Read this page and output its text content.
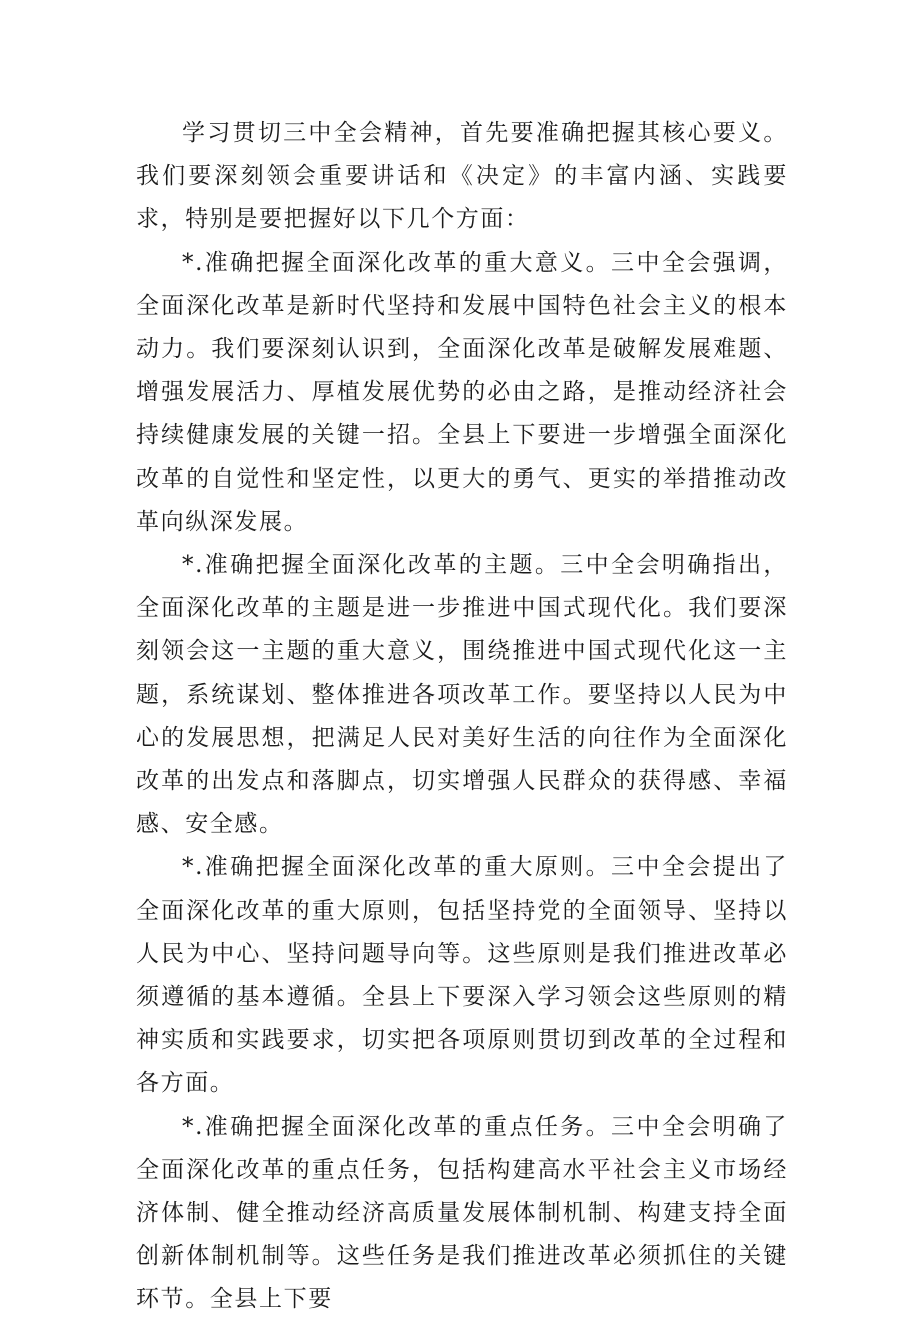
学习贯切三中全会精神，首先要准确把握其核心要义。我们要深刻领会重要讲话和《决定》的丰富内涵、实践要求，特别是要把握好以下几个方面：

*.准确把握全面深化改革的重大意义。三中全会强调，全面深化改革是新时代坚持和发展中国特色社会主义的根本动力。我们要深刻认识到，全面深化改革是破解发展难题、增强发展活力、厚植发展优势的必由之路，是推动经济社会持续健康发展的关键一招。全县上下要进一步增强全面深化改革的自觉性和坚定性，以更大的勇气、更实的举措推动改革向纵深发展。

*.准确把握全面深化改革的主题。三中全会明确指出，全面深化改革的主题是进一步推进中国式现代化。我们要深刻领会这一主题的重大意义，围绕推进中国式现代化这一主题，系统谋划、整体推进各项改革工作。要坚持以人民为中心的发展思想，把满足人民对美好生活的向往作为全面深化改革的出发点和落脚点，切实增强人民群众的获得感、幸福感、安全感。

*.准确把握全面深化改革的重大原则。三中全会提出了全面深化改革的重大原则，包括坚持党的全面领导、坚持以人民为中心、坚持问题导向等。这些原则是我们推进改革必须遵循的基本遵循。全县上下要深入学习领会这些原则的精神实质和实践要求，切实把各项原则贯切到改革的全过程和各方面。

*.准确把握全面深化改革的重点任务。三中全会明确了全面深化改革的重点任务，包括构建高水平社会主义市场经济体制、健全推动经济高质量发展体制机制、构建支持全面创新体制机制等。这些任务是我们推进改革必须抓住的关键环节。全县上下要
